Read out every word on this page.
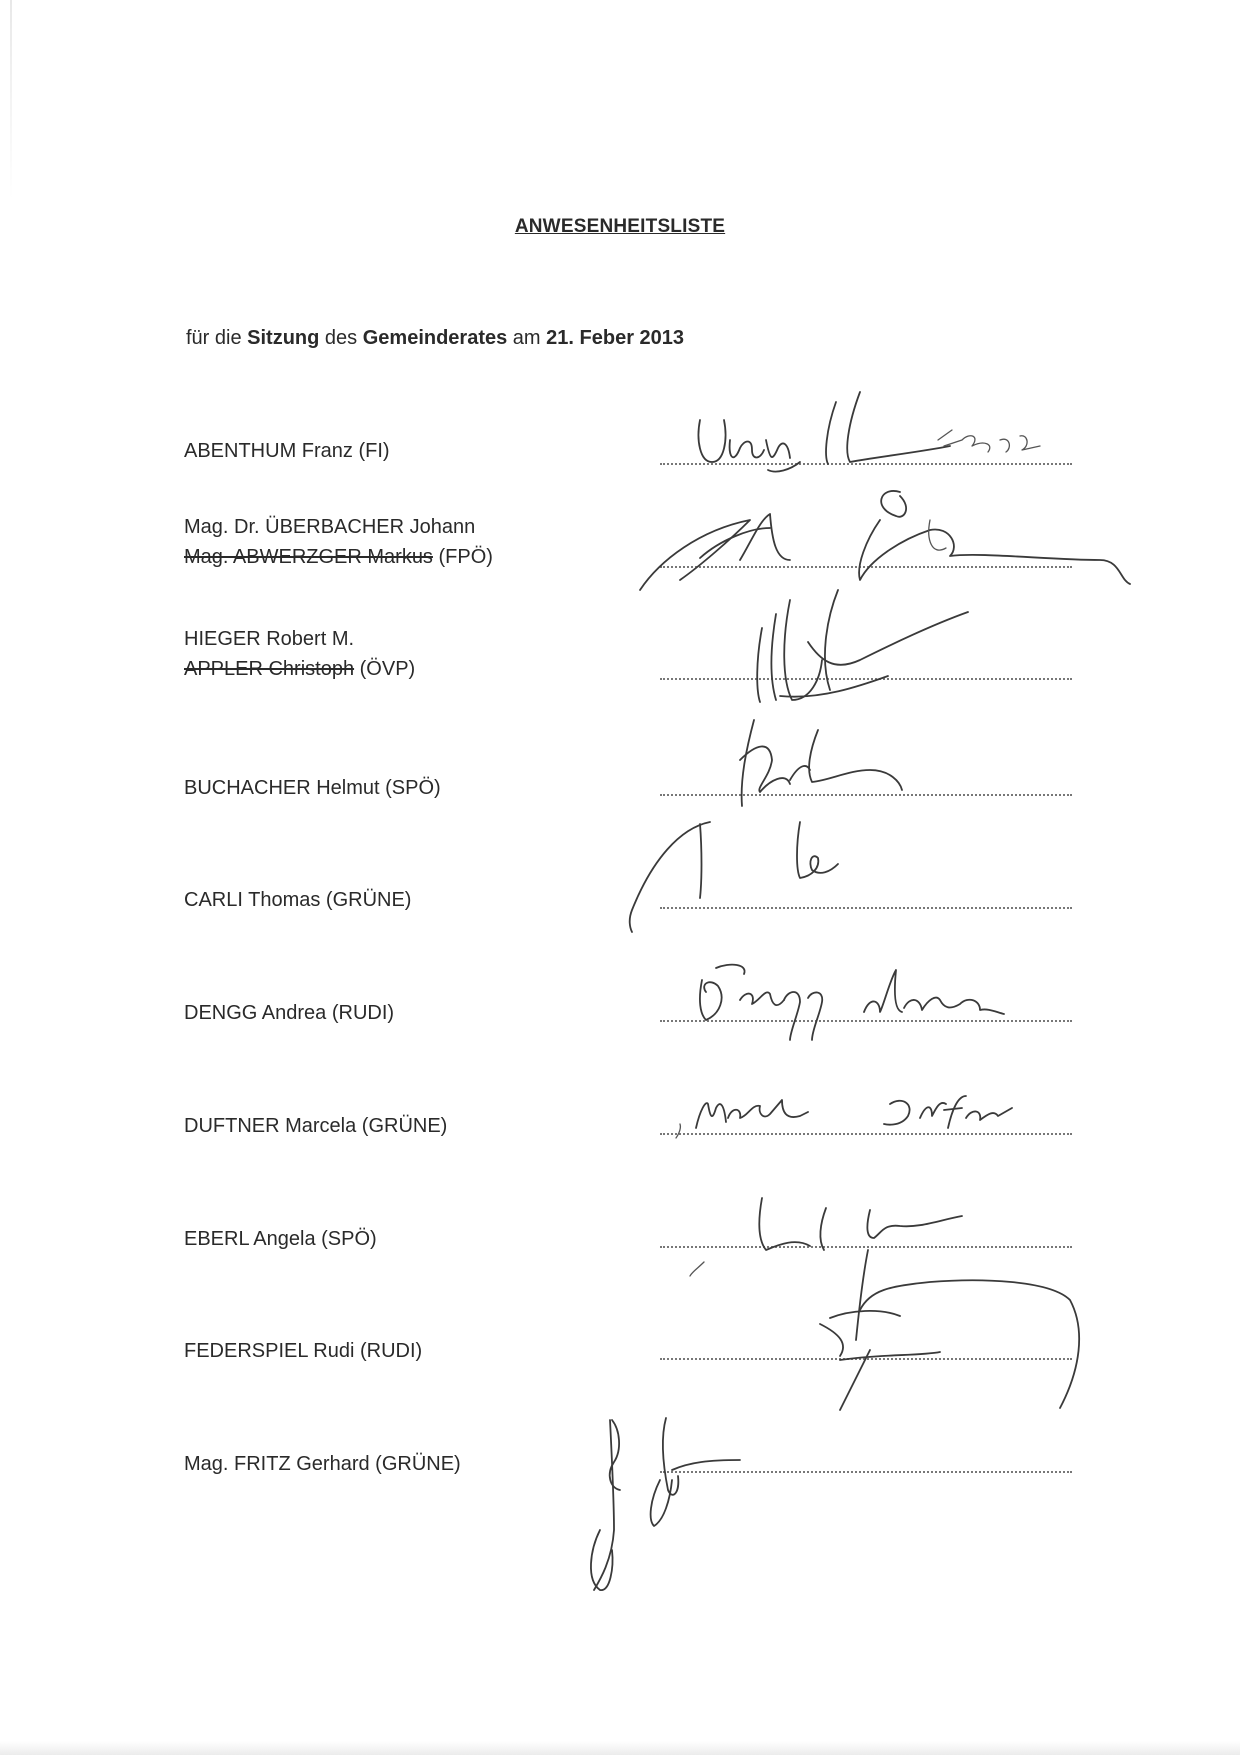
ANWESENHEITSLISTE
für die Sitzung des Gemeinderates am 21. Feber 2013
ABENTHUM Franz (FI)
Mag. Dr. ÜBERBACHER Johann
Mag. ABWERZGER Markus (FPÖ)
HIEGER Robert M.
APPLER Christoph (ÖVP)
BUCHACHER Helmut (SPÖ)
CARLI Thomas (GRÜNE)
DENGG Andrea (RUDI)
DUFTNER Marcela (GRÜNE)
EBERL Angela (SPÖ)
FEDERSPIEL Rudi (RUDI)
Mag. FRITZ Gerhard (GRÜNE)
